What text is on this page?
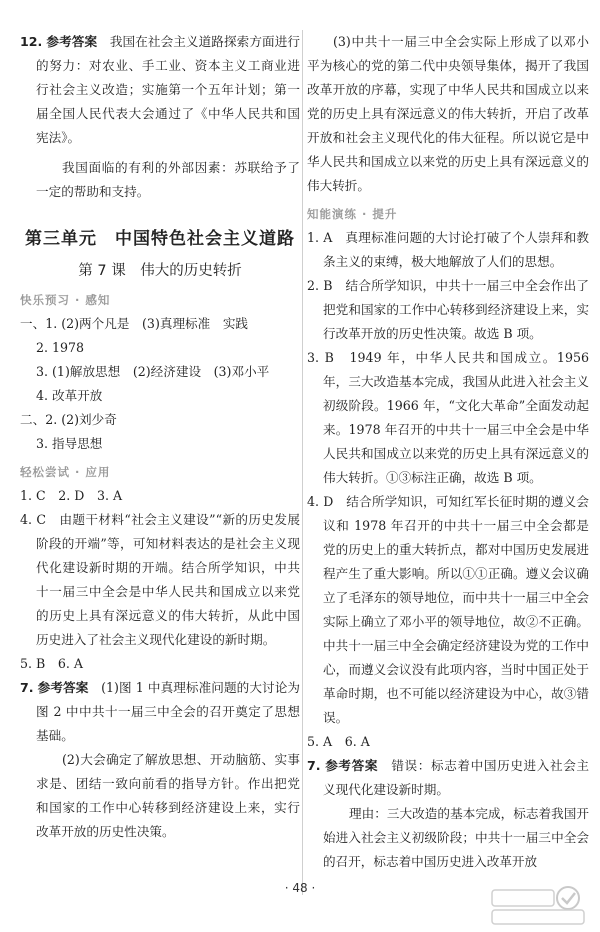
12. 参考答案　 我国在社会主义道路探索方面进行的努力：对农业、手工业、资本主义工商业进行社会主义改造；实施第一个五年计划；第一届全国人民代表大会通过了《中华人民共和国宪法》。

我国面临的有利的外部因素：苏联给予了一定的帮助和支持。

第三单元　中国特色社会主义道路
第 7 课　伟大的历史转折
快乐预习 · 感知

一、1. (2)两个凡是　(3)真理标准　实践

2. 1978

3. (1)解放思想　(2)经济建设　(3)邓小平

4. 改革开放

二、2. (2)刘少奇

3. 指导思想

轻松尝试 · 应用

1. C　2. D　3. A

4. C　由题干材料“社会主义建设”“新的历史发展阶段的开端”等，可知材料表达的是社会主义现代化建设新时期的开端。结合所学知识，中共十一届三中全会是中华人民共和国成立以来党的历史上具有深远意义的伟大转折，从此中国历史进入了社会主义现代化建设的新时期。

5. B　6. A

7. 参考答案　 (1)图 1 中真理标准问题的大讨论为图 2 中中共十一届三中全会的召开奠定了思想基础。

(2)大会确定了解放思想、开动脑筋、实事求是、团结一致向前看的指导方针。作出把党和国家的工作中心转移到经济建设上来，实行改革开放的历史性决策。

(3)中共十一届三中全会实际上形成了以邓小平为核心的党的第二代中央领导集体，揭开了我国改革开放的序幕，实现了中华人民共和国成立以来党的历史上具有深远意义的伟大转折，开启了改革开放和社会主义现代化的伟大征程。所以说它是中华人民共和国成立以来党的历史上具有深远意义的伟大转折。

知能演练 · 提升

1. A　真理标准问题的大讨论打破了个人崇拜和教条主义的束缚，极大地解放了人们的思想。

2. B　结合所学知识，中共十一届三中全会作出了把党和国家的工作中心转移到经济建设上来，实行改革开放的历史性决策。故选 B 项。

3. B　1949 年，中华人民共和国成立。1956 年，三大改造基本完成，我国从此进入社会主义初级阶段。1966 年，“文化大革命”全面发动起来。1978 年召开的中共十一届三中全会是中华人民共和国成立以来党的历史上具有深远意义的伟大转折。①③标注正确，故选 B 项。

4. D　结合所学知识，可知红军长征时期的遵义会议和 1978 年召开的中共十一届三中全会都是党的历史上的重大转折点，都对中国历史发展进程产生了重大影响。所以①①正确。遵义会议确立了毛泽东的领导地位，而中共十一届三中全会实际上确立了邓小平的领导地位，故②不正确。中共十一届三中全会确定经济建设为党的工作中心，而遵义会议没有此项内容，当时中国正处于革命时期，也不可能以经济建设为中心，故③错误。

5. A　6. A

7. 参考答案　 错误：标志着中国历史进入社会主义现代化建设新时期。

理由：三大改造的基本完成，标志着我国开始进入社会主义初级阶段；中共十一届三中全会的召开，标志着中国历史进入改革开放

· 48 ·
